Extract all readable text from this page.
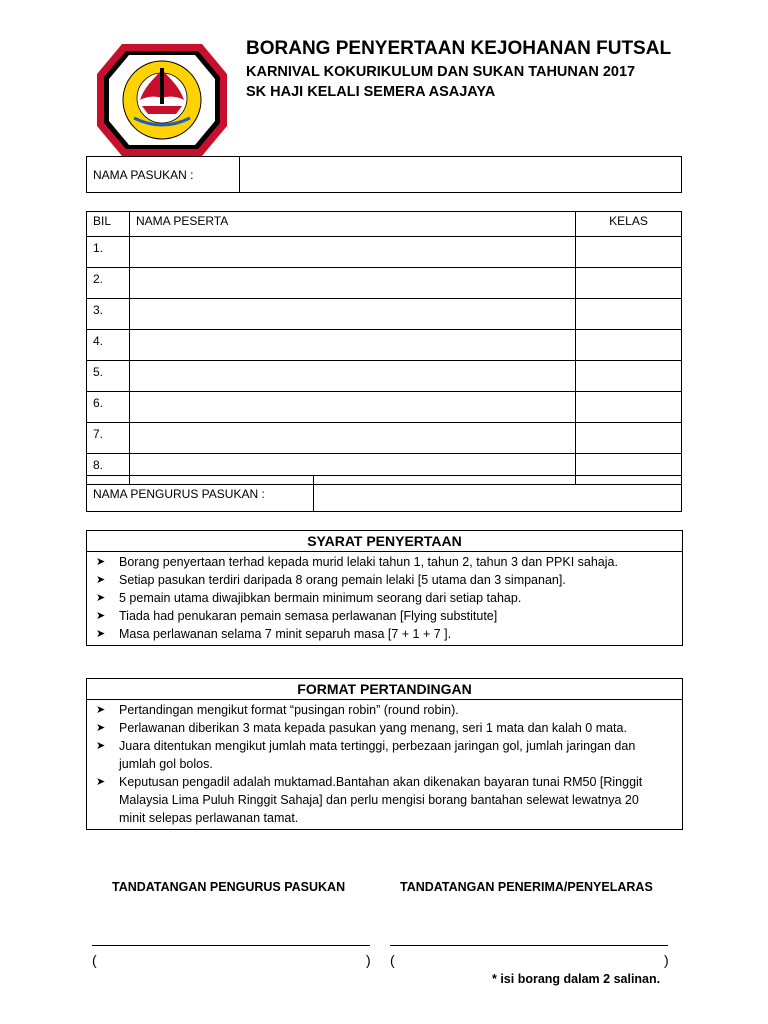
BORANG PENYERTAAN KEJOHANAN FUTSAL
KARNIVAL KOKURIKULUM DAN SUKAN TAHUNAN 2017
SK HAJI KELALI SEMERA ASAJAYA
NAMA PASUKAN :	
BIL	NAMA PESERTA	KELAS
1.		
2.		
3.		
4.		
5.		
6.		
7.		
8.		
NAMA PENGURUS PASUKAN :	
SYARAT PENYERTAAN
➤ Borang penyertaan terhad kepada murid lelaki tahun 1, tahun 2, tahun 3 dan PPKI sahaja.
➤ Setiap pasukan terdiri daripada 8 orang pemain lelaki [5 utama dan 3 simpanan].
➤ 5 pemain utama diwajibkan bermain minimum seorang dari setiap tahap.
➤ Tiada had penukaran pemain semasa perlawanan [Flying substitute]
➤ Masa perlawanan selama 7 minit separuh masa [7 + 1 + 7 ].
FORMAT PERTANDINGAN
➤ Pertandingan mengikut format “pusingan robin” (round robin).
➤ Perlawanan diberikan 3 mata kepada pasukan yang menang, seri 1 mata dan kalah 0 mata.
➤ Juara ditentukan mengikut jumlah mata tertinggi, perbezaan jaringan gol, jumlah jaringan dan jumlah gol bolos.
➤ Keputusan pengadil adalah muktamad.Bantahan akan dikenakan bayaran tunai RM50 [Ringgit Malaysia Lima Puluh Ringgit Sahaja] dan perlu mengisi borang bantahan selewat lewatnya 20 minit selepas perlawanan tamat.
TANDATANGAN PENGURUS PASUKAN	TANDATANGAN PENERIMA/PENYELARAS
(	) (	)
* isi borang dalam 2 salinan.
